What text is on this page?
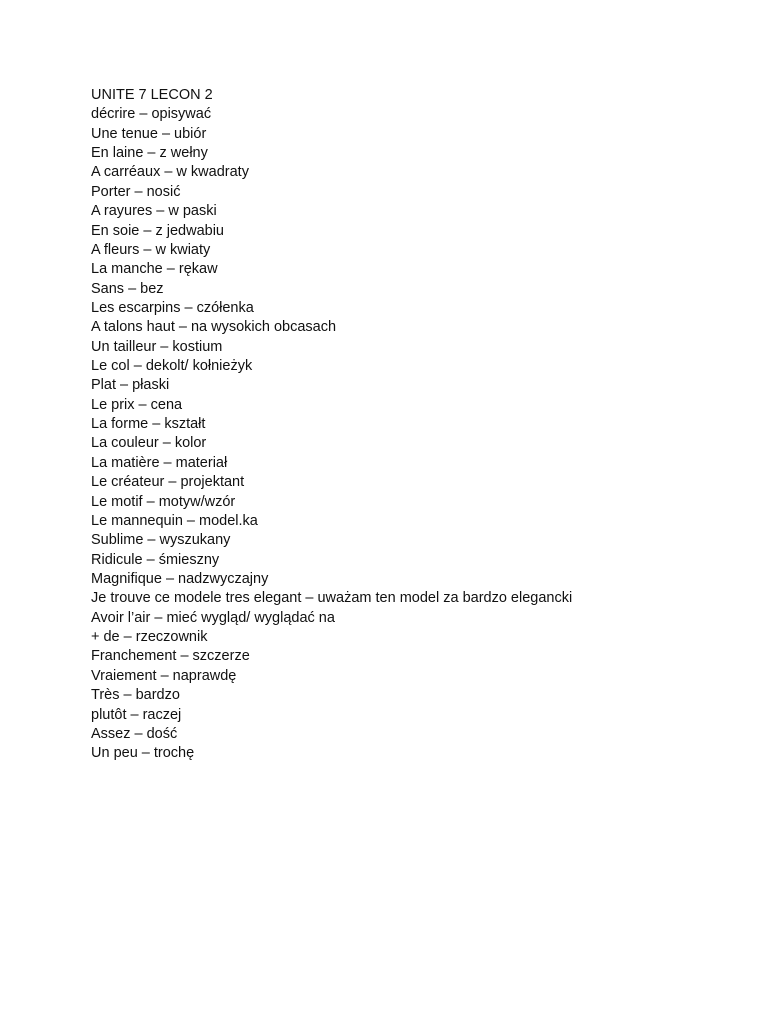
UNITE 7 LECON 2
décrire – opisywać
Une tenue – ubiór
En laine – z wełny
A carréaux – w kwadraty
Porter – nosić
A rayures – w paski
En soie – z jedwabiu
A fleurs – w kwiaty
La manche – rękaw
Sans – bez
Les escarpins – czółenka
A talons haut – na wysokich obcasach
Un tailleur – kostium
Le col – dekolt/ kołnieżyk
Plat – płaski
Le prix – cena
La forme – kształt
La couleur – kolor
La matière – materiał
Le créateur – projektant
Le motif – motyw/wzór
Le mannequin – model.ka
Sublime – wyszukany
Ridicule – śmieszny
Magnifique – nadzwyczajny
Je trouve ce modele tres elegant – uważam ten model za bardzo elegancki
Avoir l’air – mieć wygląd/ wyglądać na
+ de – rzeczownik
Franchement – szczerze
Vraiement – naprawdę
Très – bardzo
plutôt – raczej
Assez – dość
Un peu – trochę
